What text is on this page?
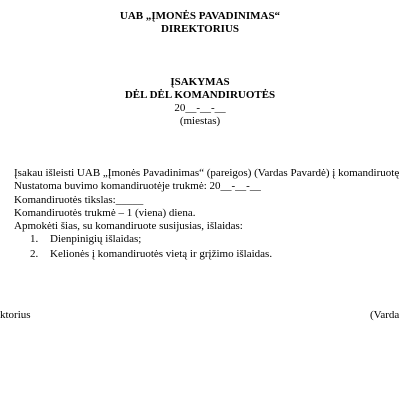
UAB „ĮMONĖS PAVADINIMAS“
DIREKTORIUS
ĮSAKYMAS
DĖL DĖL KOMANDIRUOTĖS
20__-__-__
(miestas)
Įsakau išleisti UAB „Įmonės Pavadinimas“ (pareigos) (Vardas Pavardė) į komandiruotę
Nustatoma buvimo komandiruotėje trukmė: 20__-__-__
Komandiruotės tikslas:_____
Komandiruotės trukmė – 1 (viena) diena.
Apmokėti šias, su komandiruote susijusias, išlaidas:
1. Dienpinigių išlaidas;
2. Kelionės į komandiruotės vietą ir grįžimo išlaidas.
ktorius	(Varda
